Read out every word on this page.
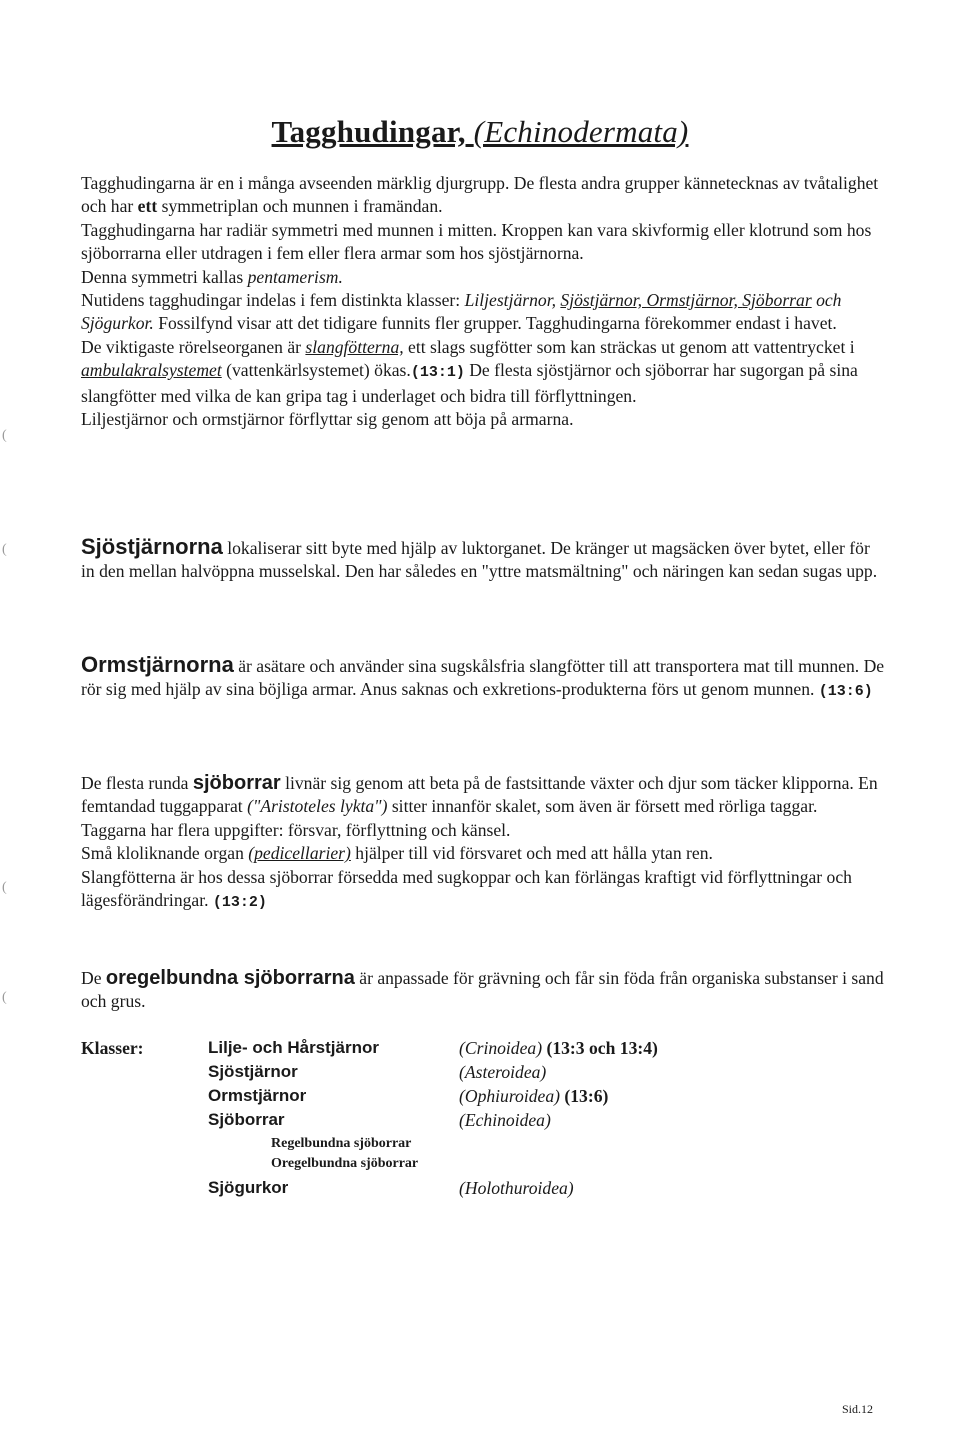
Tagghudingar, (Echinodermata)

Tagghudingarna är en i många avseenden märklig djurgrupp. De flesta andra grupper kännetecknas av tvåtalighet och har ett symmetriplan och munnen i framändan.

Tagghudingarna har radiär symmetri med munnen i mitten. Kroppen kan vara skivformig eller klotrund som hos sjöborrarna eller utdragen i fem eller flera armar som hos sjöstjärnorna.

Denna symmetri kallas pentamerism.

Nutidens tagghudingar indelas i fem distinkta klasser: Liljestjärnor, Sjöstjärnor, Ormstjärnor, Sjöborrar och Sjögurkor. Fossilfynd visar att det tidigare funnits fler grupper. Tagghudingarna förekommer endast i havet.

De viktigaste rörelseorganen är slangfötterna, ett slags sugfötter som kan sträckas ut genom att vattentrycket i ambulakralsystemet (vattenkärlsystemet) ökas.(13:1) De flesta sjöstjärnor och sjöborrar har sugorgan på sina slangfötter med vilka de kan gripa tag i underlaget och bidra till förflyttningen.

Liljestjärnor och ormstjärnor förflyttar sig genom att böja på armarna.

Sjöstjärnorna lokaliserar sitt byte med hjälp av luktorganet. De kränger ut magsäcken över bytet, eller för in den mellan halvöppna musselskal. Den har således en "yttre matsmältning" och näringen kan sedan sugas upp.

Ormstjärnorna är asätare och använder sina sugskålsfria slangfötter till att transportera mat till munnen. De rör sig med hjälp av sina böjliga armar. Anus saknas och exkretions-produkterna förs ut genom munnen. (13:6)

De flesta runda sjöborrar livnär sig genom att beta på de fastsittande växter och djur som täcker klipporna. En femtandad tuggapparat ("Aristoteles lykta") sitter innanför skalet, som även är försett med rörliga taggar. Taggarna har flera uppgifter: försvar, förflyttning och känsel.

Små kloliknande organ (pedicellarier) hjälper till vid försvaret och med att hålla ytan ren.

Slangfötterna är hos dessa sjöborrar försedda med sugkoppar och kan förlängas kraftigt vid förflyttningar och lägesförändringar. (13:2)

De oregelbundna sjöborrarna är anpassade för grävning och får sin föda från organiska substanser i sand och grus.

Klasser:	Lilje- och Hårstjärnor	(Crinoidea) (13:3 och 13:4)
Sjöstjärnor	(Asteroidea)
Ormstjärnor	(Ophiuroidea) (13:6)
Sjöborrar	(Echinoidea)
Regelbundna sjöborrar
Oregelbundna sjöborrar
Sjögurkor	(Holothuroidea)
Sid.12
(
(
(
(
